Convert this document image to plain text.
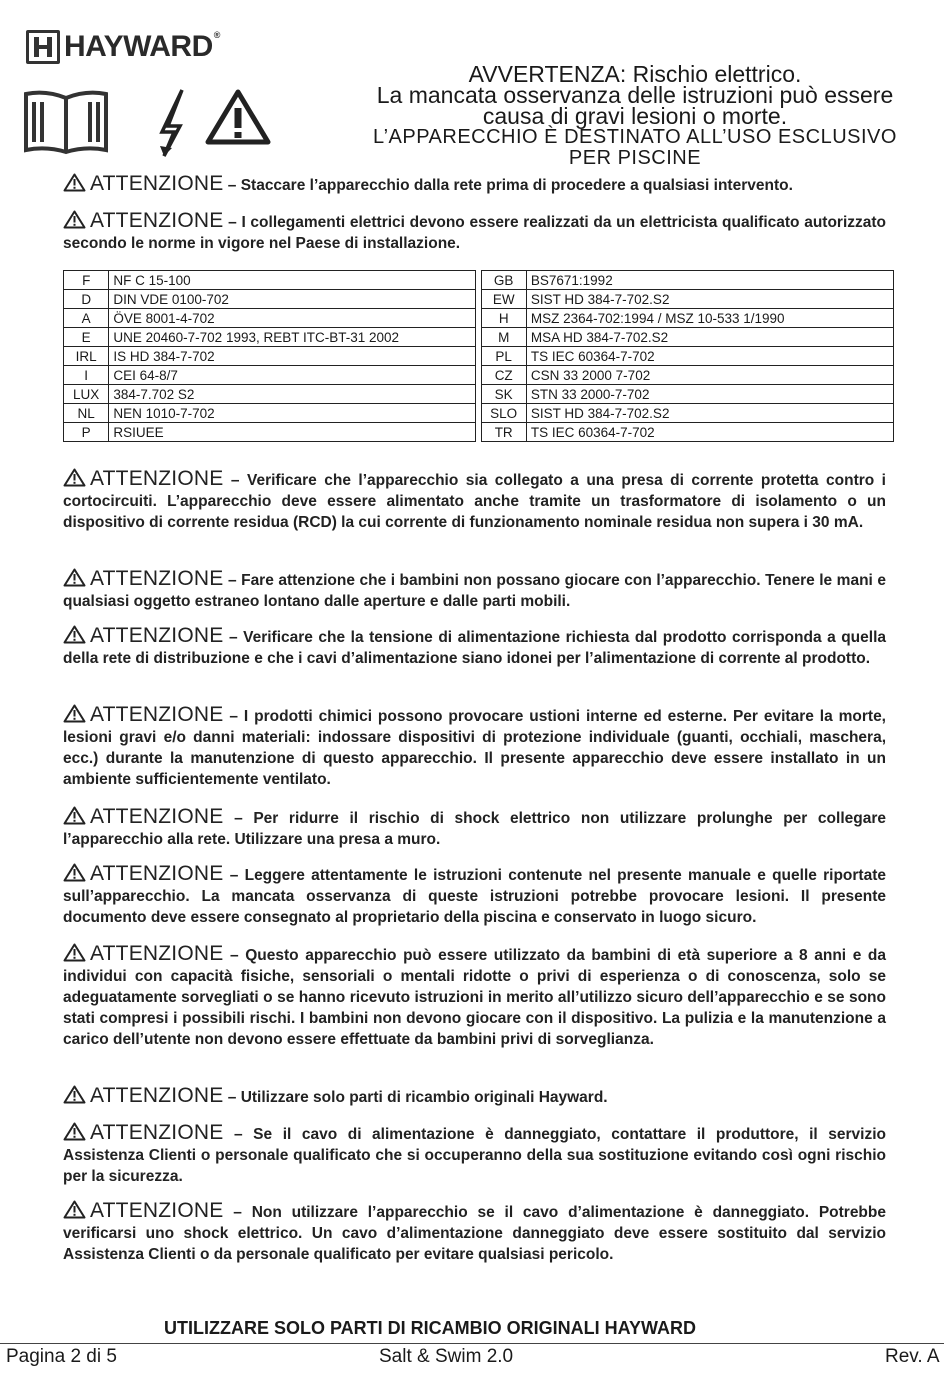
HAYWARD®
AVVERTENZA: Rischio elettrico.
La mancata osservanza delle istruzioni può essere
causa di gravi lesioni o morte.
L’APPARECCHIO È DESTINATO ALL’USO ESCLUSIVO
PER PISCINE
ATTENZIONE – Staccare l’apparecchio dalla rete prima di procedere a qualsiasi intervento.
ATTENZIONE – I collegamenti elettrici devono essere realizzati da un elettricista qualificato autorizzato secondo le norme in vigore nel Paese di installazione.
F	NF C 15-100		GB	BS7671:1992
D	DIN VDE 0100-702		EW	SIST HD 384-7-702.S2
A	ÖVE 8001-4-702		H	MSZ 2364-702:1994 / MSZ 10-533 1/1990
E	UNE 20460-7-702 1993, REBT ITC-BT-31 2002		M	MSA HD 384-7-702.S2
IRL	IS HD 384-7-702		PL	TS IEC 60364-7-702
I	CEI 64-8/7		CZ	CSN 33 2000 7-702
LUX	384-7.702 S2		SK	STN 33 2000-7-702
NL	NEN 1010-7-702		SLO	SIST HD 384-7-702.S2
P	RSIUEE		TR	TS IEC 60364-7-702
ATTENZIONE – Verificare che l’apparecchio sia collegato a una presa di corrente protetta contro i cortocircuiti. L’apparecchio deve essere alimentato anche tramite un trasformatore di isolamento o un dispositivo di corrente residua (RCD) la cui corrente di funzionamento nominale residua non supera i 30 mA.
ATTENZIONE – Fare attenzione che i bambini non possano giocare con l’apparecchio. Tenere le mani e qualsiasi oggetto estraneo lontano dalle aperture e dalle parti mobili.
ATTENZIONE – Verificare che la tensione di alimentazione richiesta dal prodotto corrisponda a quella della rete di distribuzione e che i cavi d’alimentazione siano idonei per l’alimentazione di corrente al prodotto.
ATTENZIONE – I prodotti chimici possono provocare ustioni interne ed esterne. Per evitare la morte, lesioni gravi e/o danni materiali: indossare dispositivi di protezione individuale (guanti, occhiali, maschera, ecc.) durante la manutenzione di questo apparecchio. Il presente apparecchio deve essere installato in un ambiente sufficientemente ventilato.
ATTENZIONE – Per ridurre il rischio di shock elettrico non utilizzare prolunghe per collegare l’apparecchio alla rete. Utilizzare una presa a muro.
ATTENZIONE – Leggere attentamente le istruzioni contenute nel presente manuale e quelle riportate sull’apparecchio. La mancata osservanza di queste istruzioni potrebbe provocare lesioni. Il presente documento deve essere consegnato al proprietario della piscina e conservato in luogo sicuro.
ATTENZIONE – Questo apparecchio può essere utilizzato da bambini di età superiore a 8 anni e da individui con capacità fisiche, sensoriali o mentali ridotte o privi di esperienza o di conoscenza, solo se adeguatamente sorvegliati o se hanno ricevuto istruzioni in merito all’utilizzo sicuro dell’apparecchio e se sono stati compresi i possibili rischi. I bambini non devono giocare con il dispositivo. La pulizia e la manutenzione a carico dell’utente non devono essere effettuate da bambini privi di sorveglianza.
ATTENZIONE – Utilizzare solo parti di ricambio originali Hayward.
ATTENZIONE – Se il cavo di alimentazione è danneggiato, contattare il produttore, il servizio Assistenza Clienti o personale qualificato che si occuperanno della sua sostituzione evitando così ogni rischio per la sicurezza.
ATTENZIONE – Non utilizzare l’apparecchio se il cavo d’alimentazione è danneggiato. Potrebbe verificarsi uno shock elettrico. Un cavo d’alimentazione danneggiato deve essere sostituito dal servizio Assistenza Clienti o da personale qualificato per evitare qualsiasi pericolo.
UTILIZZARE SOLO PARTI DI RICAMBIO ORIGINALI HAYWARD
Pagina 2 di 5	Salt & Swim 2.0	Rev. A
